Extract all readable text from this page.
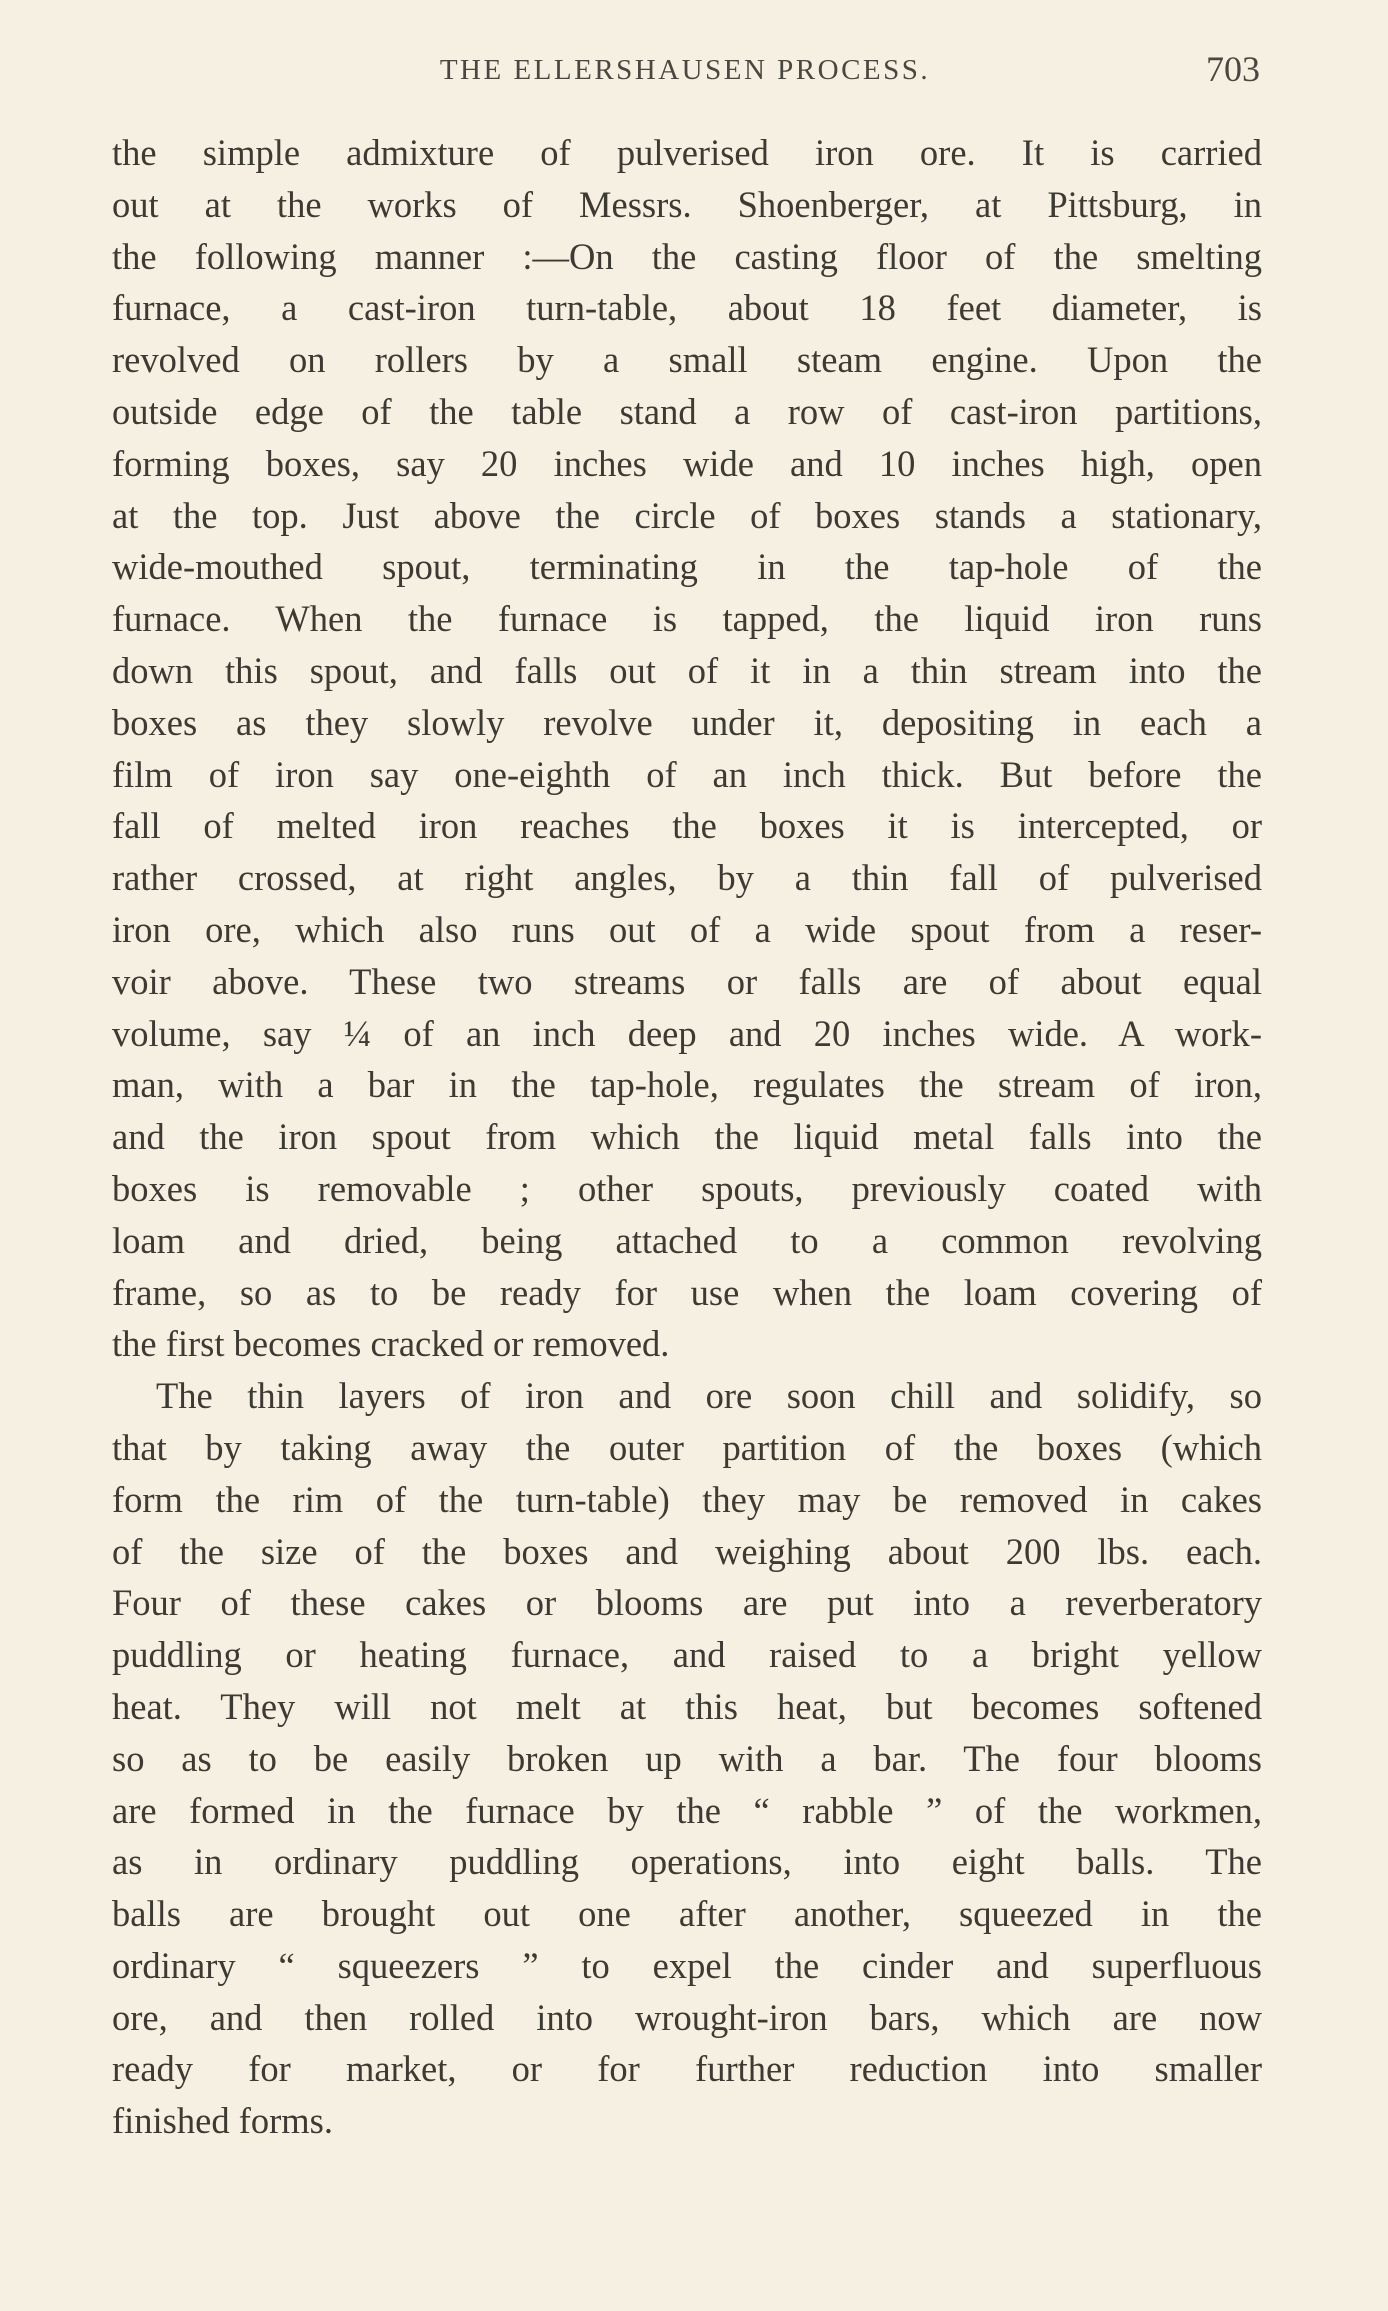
THE ELLERSHAUSEN PROCESS.	703
the simple admixture of pulverised iron ore. It is carried
out at the works of Messrs. Shoenberger, at Pittsburg, in
the following manner :—On the casting floor of the smelting
furnace, a cast-iron turn-table, about 18 feet diameter, is
revolved on rollers by a small steam engine. Upon the
outside edge of the table stand a row of cast-iron partitions,
forming boxes, say 20 inches wide and 10 inches high, open
at the top. Just above the circle of boxes stands a stationary,
wide-mouthed spout, terminating in the tap-hole of the
furnace. When the furnace is tapped, the liquid iron runs
down this spout, and falls out of it in a thin stream into the
boxes as they slowly revolve under it, depositing in each a
film of iron say one-eighth of an inch thick. But before the
fall of melted iron reaches the boxes it is intercepted, or
rather crossed, at right angles, by a thin fall of pulverised
iron ore, which also runs out of a wide spout from a reser-
voir above. These two streams or falls are of about equal
volume, say ¼ of an inch deep and 20 inches wide. A work-
man, with a bar in the tap-hole, regulates the stream of iron,
and the iron spout from which the liquid metal falls into the
boxes is removable ; other spouts, previously coated with
loam and dried, being attached to a common revolving
frame, so as to be ready for use when the loam covering of
the first becomes cracked or removed.
The thin layers of iron and ore soon chill and solidify, so
that by taking away the outer partition of the boxes (which
form the rim of the turn-table) they may be removed in cakes
of the size of the boxes and weighing about 200 lbs. each.
Four of these cakes or blooms are put into a reverberatory
puddling or heating furnace, and raised to a bright yellow
heat. They will not melt at this heat, but becomes softened
so as to be easily broken up with a bar. The four blooms
are formed in the furnace by the “ rabble ” of the workmen,
as in ordinary puddling operations, into eight balls. The
balls are brought out one after another, squeezed in the
ordinary “ squeezers ” to expel the cinder and superfluous
ore, and then rolled into wrought-iron bars, which are now
ready for market, or for further reduction into smaller
finished forms.
